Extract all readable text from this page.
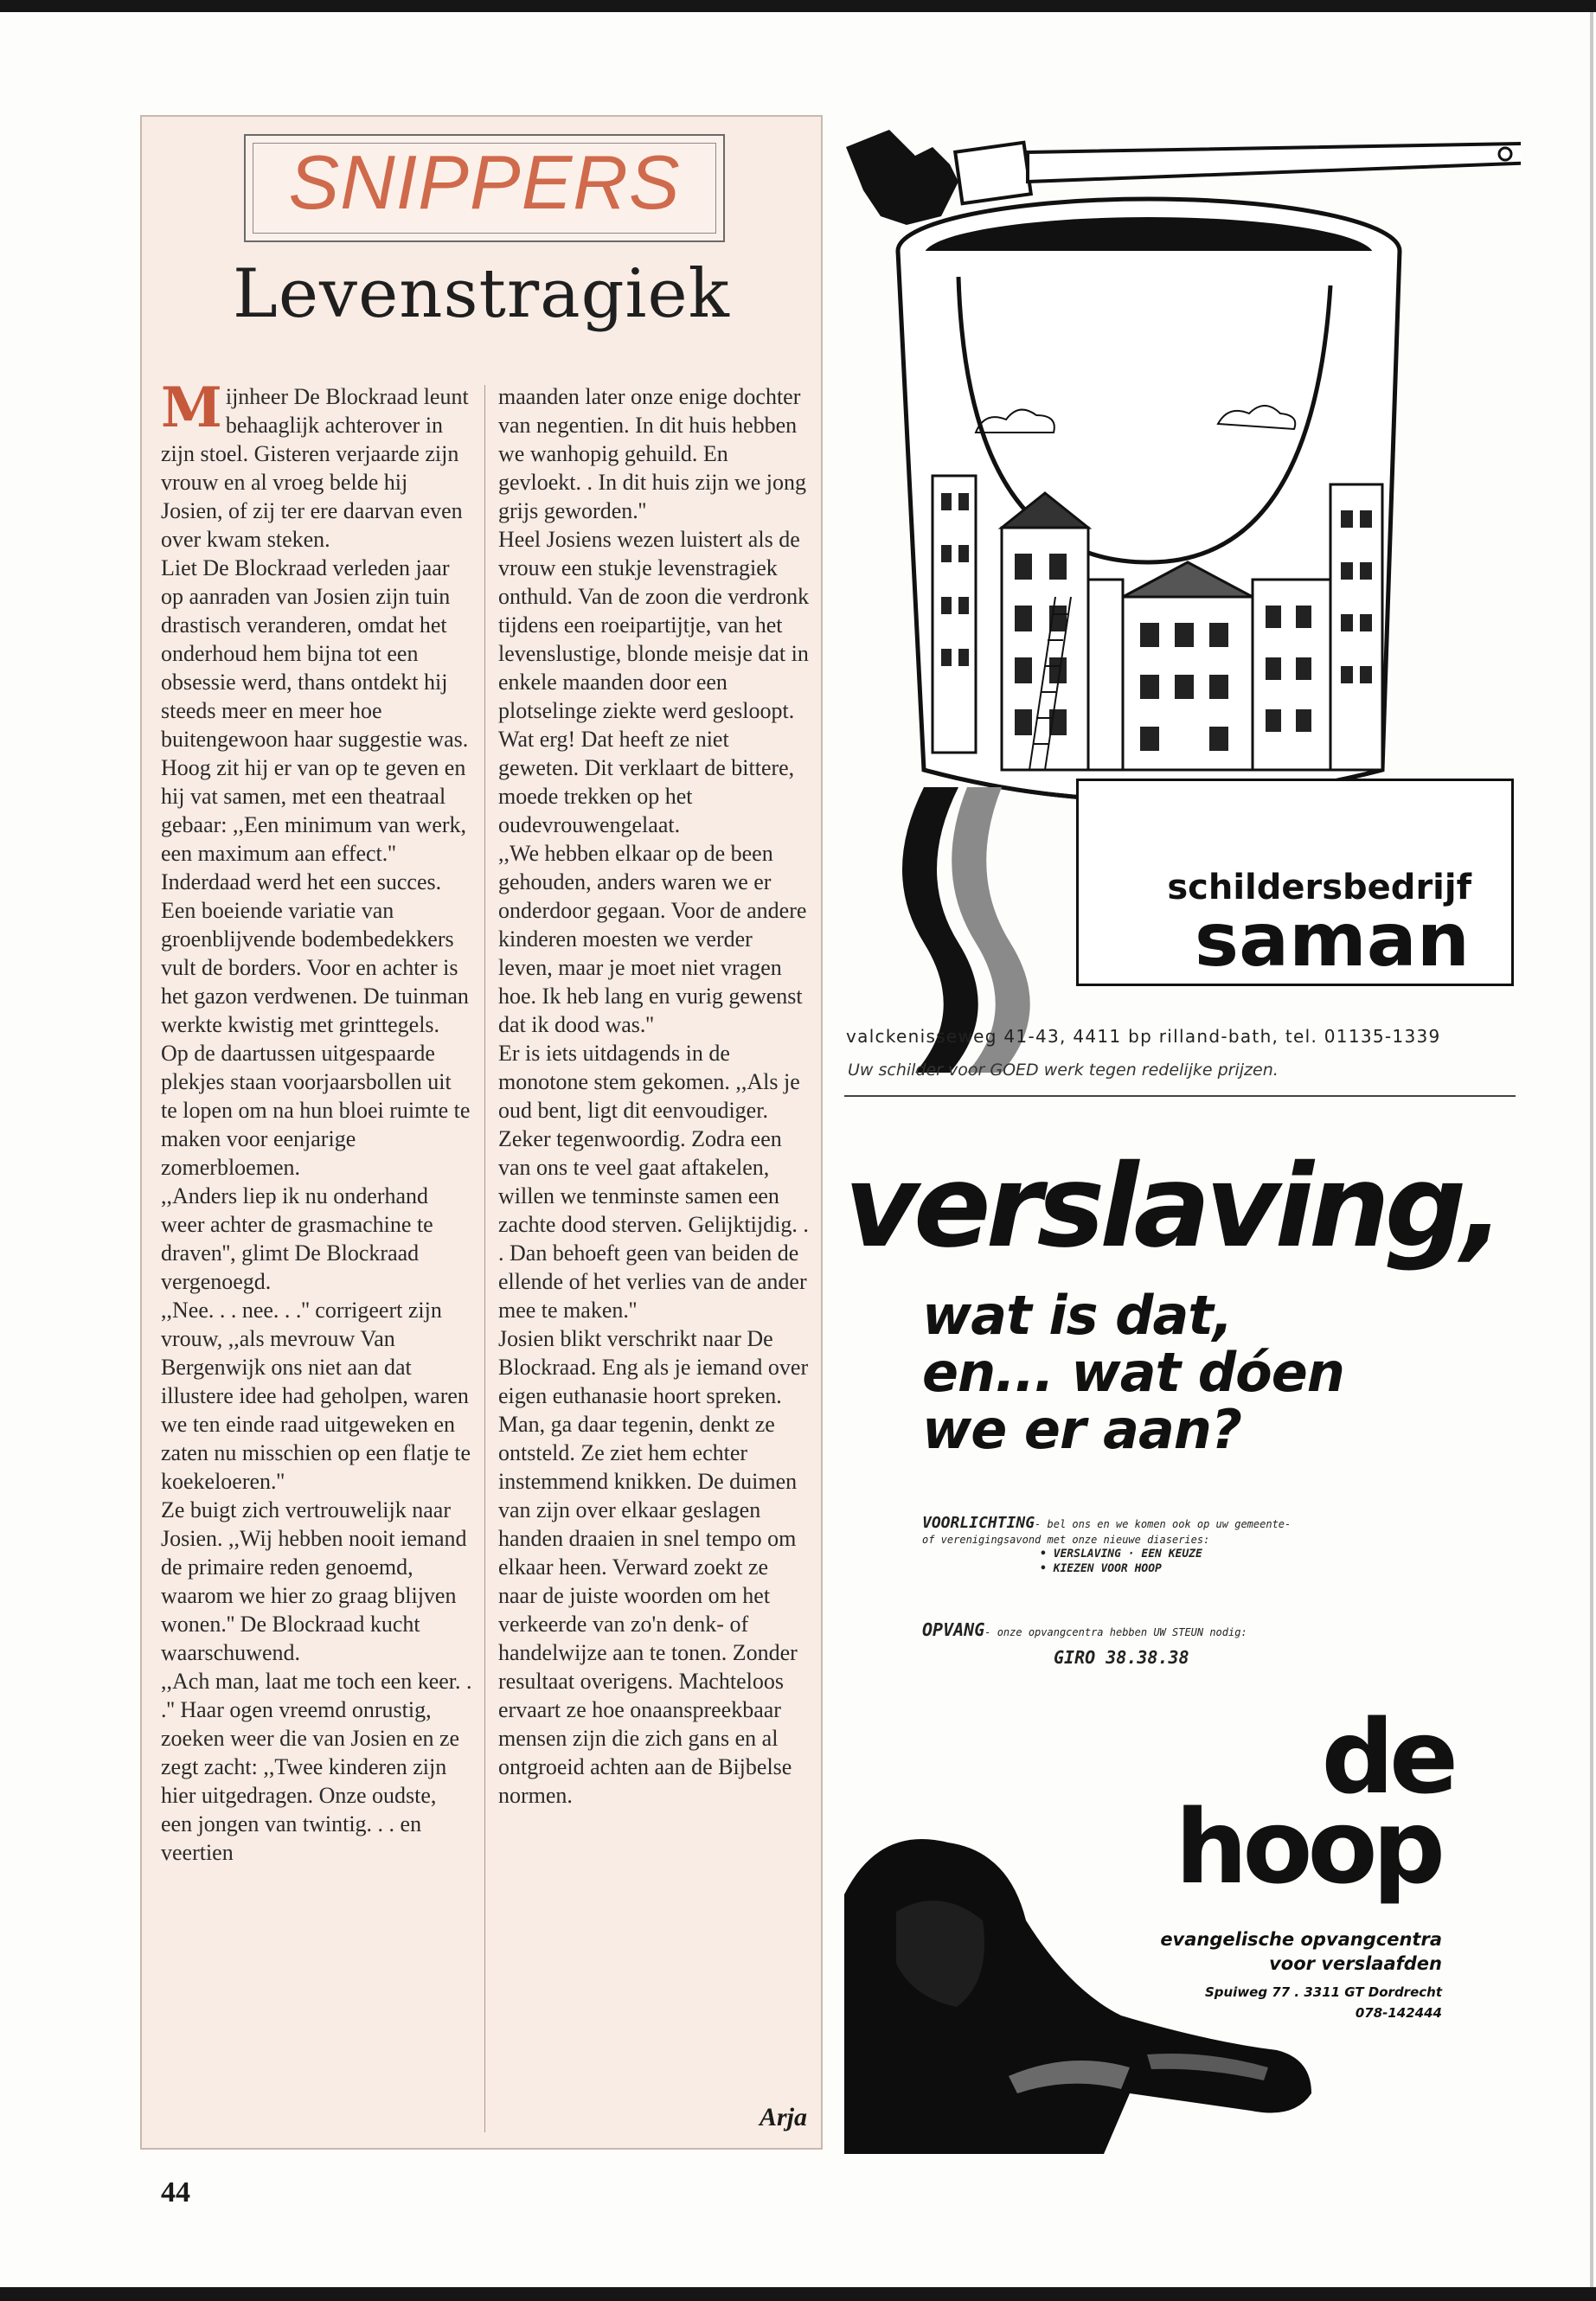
SNIPPERS
Levenstragiek

Mijnheer De Blockraad leunt behaaglijk achterover in zijn stoel. Gisteren verjaarde zijn vrouw en al vroeg belde hij Josien, of zij ter ere daarvan even over kwam steken.

Liet De Blockraad verleden jaar op aanraden van Josien zijn tuin drastisch veranderen, omdat het onderhoud hem bijna tot een obsessie werd, thans ontdekt hij steeds meer en meer hoe buitengewoon haar suggestie was. Hoog zit hij er van op te geven en hij vat samen, met een theatraal gebaar: ,,Een minimum van werk, een maximum aan effect.''

Inderdaad werd het een succes. Een boeiende variatie van groenblijvende bodembedekkers vult de borders. Voor en achter is het gazon verdwenen. De tuinman werkte kwistig met grinttegels. Op de daartussen uitgespaarde plekjes staan voorjaarsbollen uit te lopen om na hun bloei ruimte te maken voor eenjarige zomerbloemen.

,,Anders liep ik nu onderhand weer achter de grasmachine te draven'', glimt De Blockraad vergenoegd.

,,Nee. . . nee. . .'' corrigeert zijn vrouw, ,,als mevrouw Van Bergenwijk ons niet aan dat illustere idee had geholpen, waren we ten einde raad uitgeweken en zaten nu misschien op een flatje te koekeloeren.''

Ze buigt zich vertrouwelijk naar Josien. ,,Wij hebben nooit iemand de primaire reden genoemd, waarom we hier zo graag blijven wonen.'' De Blockraad kucht waarschuwend.

,,Ach man, laat me toch een keer. . .'' Haar ogen vreemd onrustig, zoeken weer die van Josien en ze zegt zacht: ,,Twee kinderen zijn hier uitgedragen. Onze oudste, een jongen van twintig. . . en veertien

maanden later onze enige dochter van negentien. In dit huis hebben we wanhopig gehuild. En gevloekt. . In dit huis zijn we jong grijs geworden.''

Heel Josiens wezen luistert als de vrouw een stukje levenstragiek onthuld. Van de zoon die verdronk tijdens een roeipartijtje, van het levenslustige, blonde meisje dat in enkele maanden door een plotselinge ziekte werd gesloopt. Wat erg! Dat heeft ze niet geweten. Dit verklaart de bittere, moede trekken op het oudevrouwengelaat.

,,We hebben elkaar op de been gehouden, anders waren we er onderdoor gegaan. Voor de andere kinderen moesten we verder leven, maar je moet niet vragen hoe. Ik heb lang en vurig gewenst dat ik dood was.''

Er is iets uitdagends in de monotone stem gekomen. ,,Als je oud bent, ligt dit eenvoudiger. Zeker tegenwoordig. Zodra een van ons te veel gaat aftakelen, willen we tenminste samen een zachte dood sterven. Gelijktijdig. . . Dan behoeft geen van beiden de ellende of het verlies van de ander mee te maken.''

Josien blikt verschrikt naar De Blockraad. Eng als je iemand over eigen euthanasie hoort spreken. Man, ga daar tegenin, denkt ze ontsteld. Ze ziet hem echter instemmend knikken. De duimen van zijn over elkaar geslagen handen draaien in snel tempo om elkaar heen. Verward zoekt ze naar de juiste woorden om het verkeerde van zo'n denk- of handelwijze aan te tonen. Zonder resultaat overigens. Machteloos ervaart ze hoe onaanspreekbaar mensen zijn die zich gans en al ontgroeid achten aan de Bijbelse normen.

Arja
44
schildersbedrijf
saman
valckenisseweg 41-43, 4411 bp rilland-bath, tel. 01135-1339
Uw schilder voor GOED werk tegen redelijke prijzen.
verslaving,
wat is dat,
en... wat dóen
we er aan?
VOORLICHTING- bel ons en we komen ook op uw gemeente-
of verenigingsavond met onze nieuwe diaseries:
• VERSLAVING · EEN KEUZE
• KIEZEN VOOR HOOP
OPVANG- onze opvangcentra hebben UW STEUN nodig:
GIRO 38.38.38
de
hoop
evangelische opvangcentra
voor verslaafden
Spuiweg 77 . 3311 GT Dordrecht
078-142444
